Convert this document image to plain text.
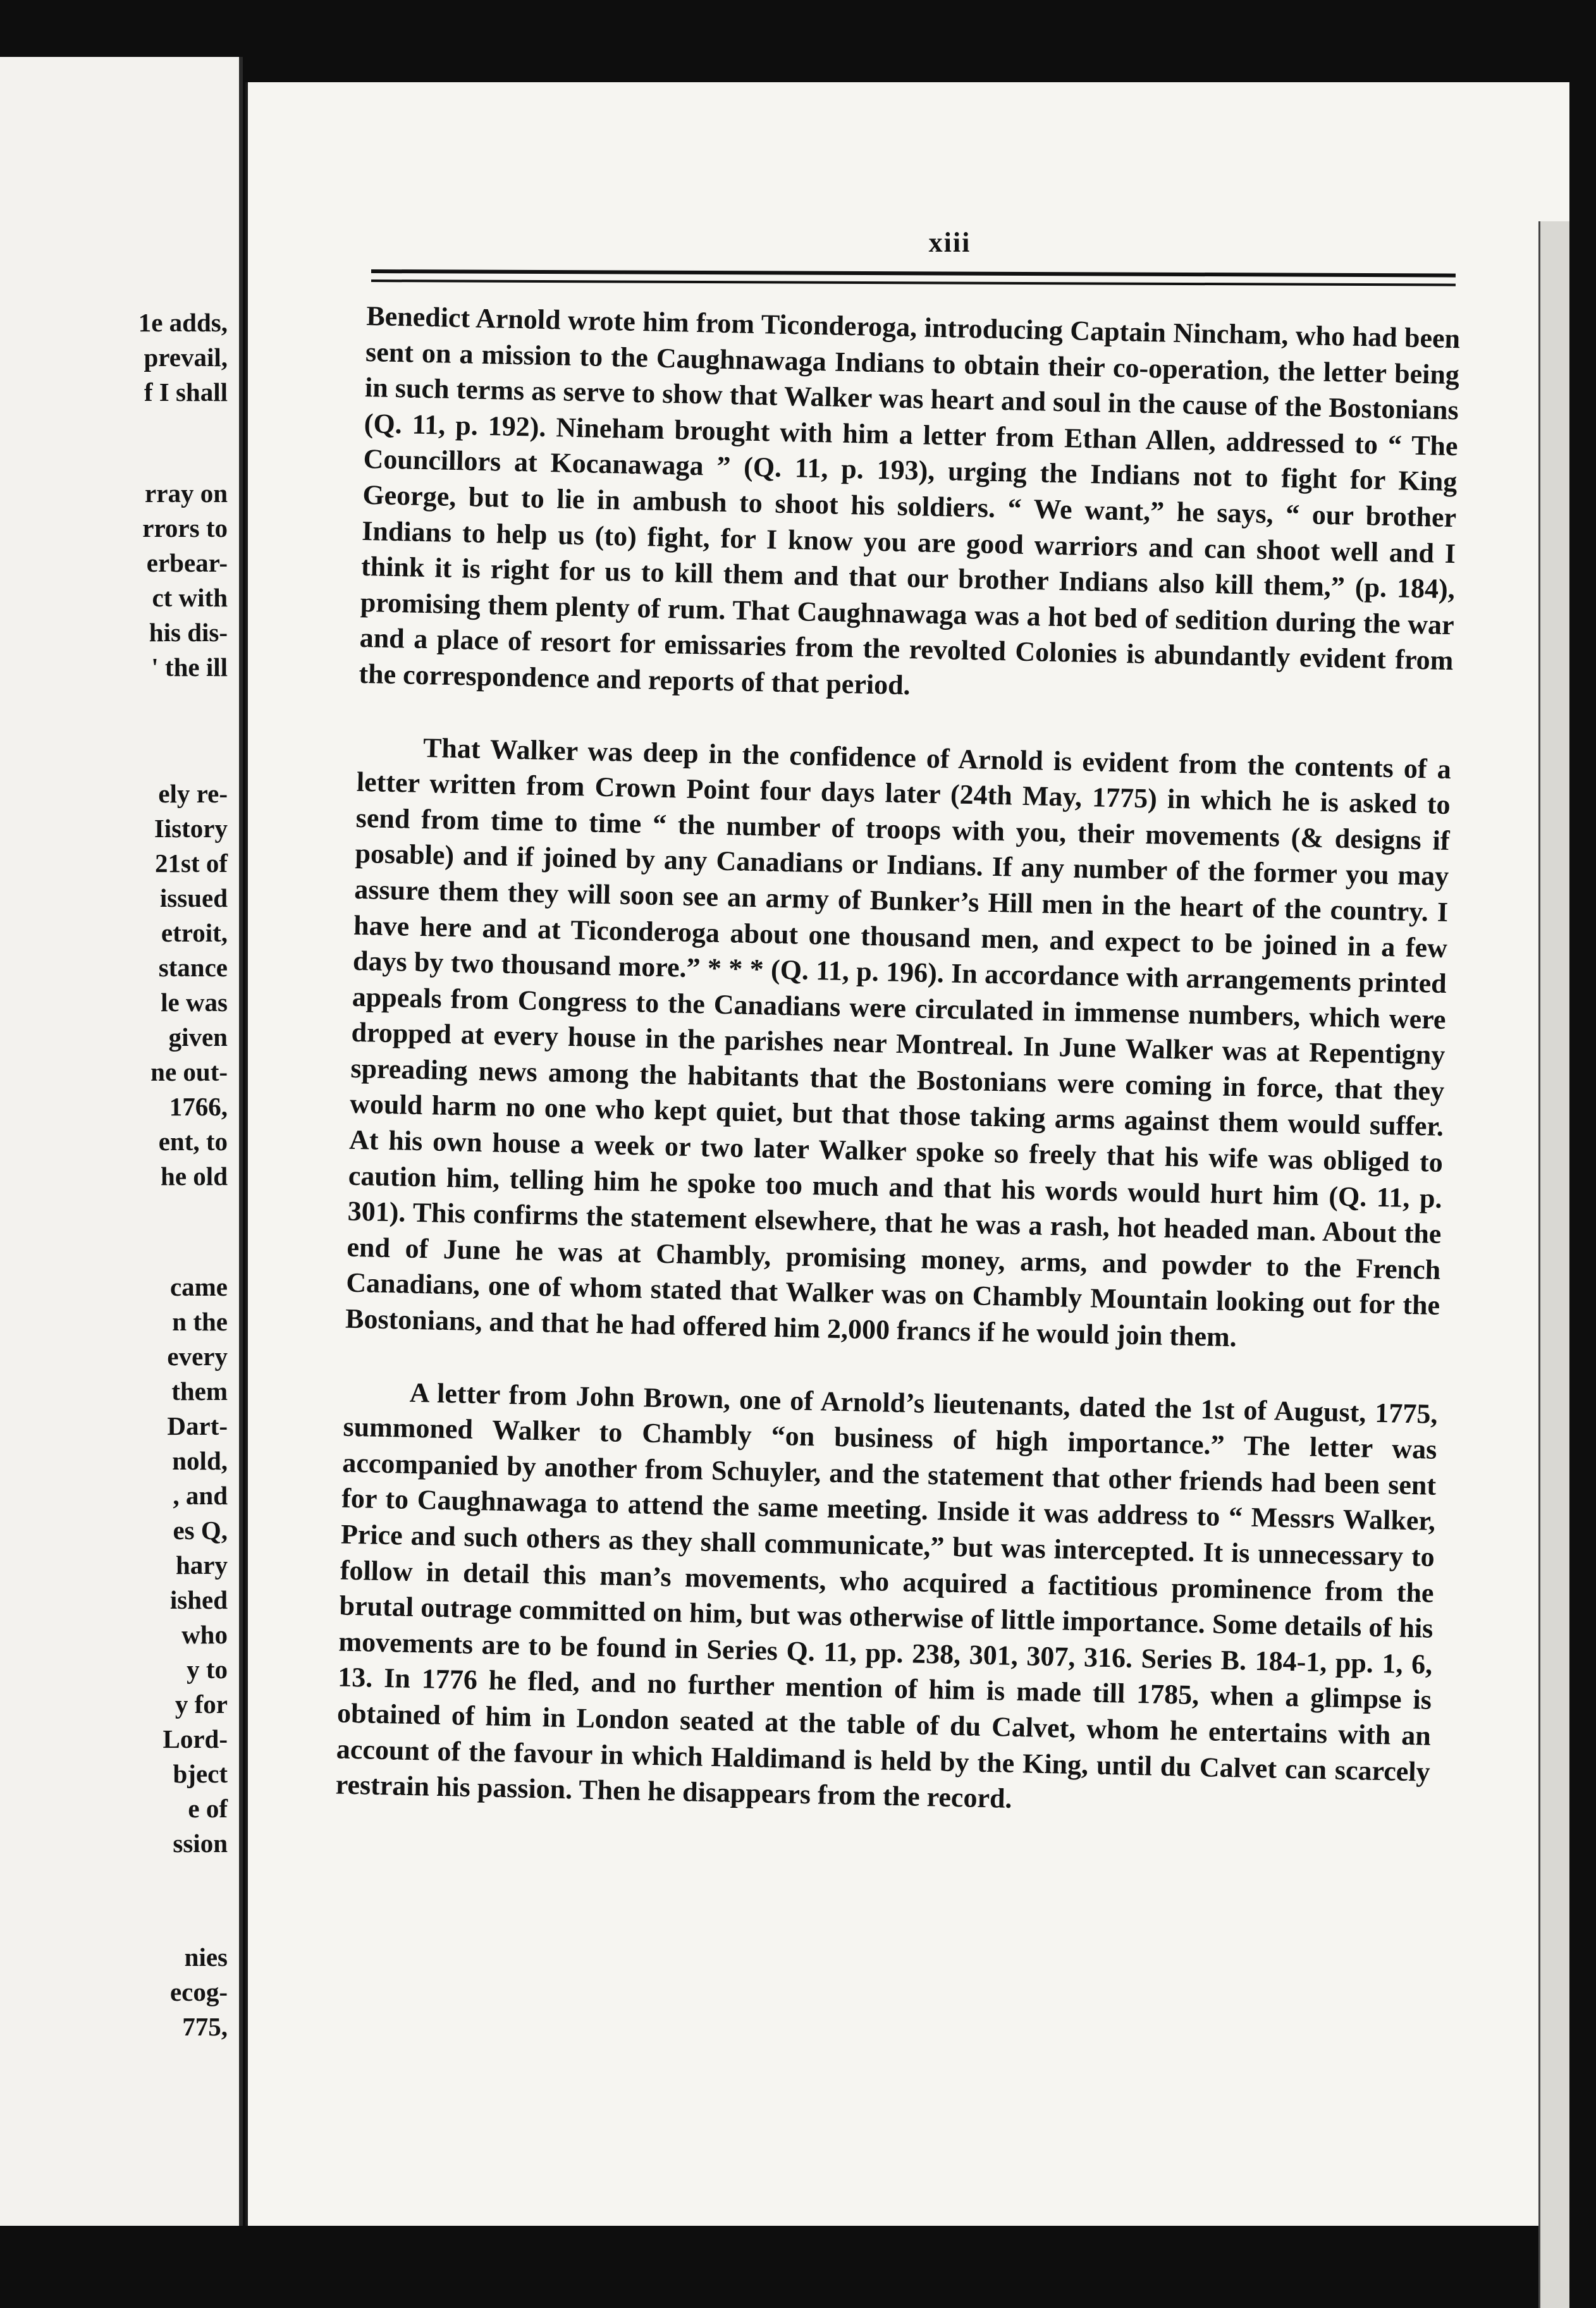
1e adds,
prevail,
f I shall
rray on
rrors to
erbear-
ct with
his dis-
' the ill
ely re-
Iistory
21st of
issued
etroit,
stance
le was
given
ne out-
1766,
ent, to
he old
came
n the
every
them
Dart-
nold,
, and
es Q,
hary
ished
who
y to
y for
Lord-
bject
e of
ssion
nies
ecog-
775,
xiii

Benedict Arnold wrote him from Ticonderoga, introducing Captain Nincham, who had been sent on a mission to the Caughnawaga Indians to obtain their co-operation, the letter being in such terms as serve to show that Walker was heart and soul in the cause of the Bostonians (Q. 11, p. 192). Nineham brought with him a letter from Ethan Allen, addressed to “ The Councillors at Kocanawaga ” (Q. 11, p. 193), urging the Indians not to fight for King George, but to lie in ambush to shoot his soldiers. “ We want,” he says, “ our brother Indians to help us (to) fight, for I know you are good warriors and can shoot well and I think it is right for us to kill them and that our brother Indians also kill them,” (p. 184), promising them plenty of rum. That Caughnawaga was a hot bed of sedition during the war and a place of resort for emissaries from the revolted Colonies is abundantly evident from the correspondence and reports of that period.

That Walker was deep in the confidence of Arnold is evident from the contents of a letter written from Crown Point four days later (24th May, 1775) in which he is asked to send from time to time “ the number of troops with you, their movements (& designs if posable) and if joined by any Canadians or Indians. If any number of the former you may assure them they will soon see an army of Bunker’s Hill men in the heart of the country. I have here and at Ticonderoga about one thousand men, and expect to be joined in a few days by two thousand more.” * * * (Q. 11, p. 196). In accordance with arrangements printed appeals from Congress to the Canadians were circulated in immense numbers, which were dropped at every house in the parishes near Montreal. In June Walker was at Repentigny spreading news among the habitants that the Bostonians were coming in force, that they would harm no one who kept quiet, but that those taking arms against them would suffer. At his own house a week or two later Walker spoke so freely that his wife was obliged to caution him, telling him he spoke too much and that his words would hurt him (Q. 11, p. 301). This confirms the statement elsewhere, that he was a rash, hot headed man. About the end of June he was at Chambly, promising money, arms, and powder to the French Canadians, one of whom stated that Walker was on Chambly Mountain looking out for the Bostonians, and that he had offered him 2,000 francs if he would join them.

A letter from John Brown, one of Arnold’s lieutenants, dated the 1st of August, 1775, summoned Walker to Chambly “on business of high importance.” The letter was accompanied by another from Schuyler, and the statement that other friends had been sent for to Caughnawaga to attend the same meeting. Inside it was address to “ Messrs Walker, Price and such others as they shall communicate,” but was intercepted. It is unnecessary to follow in detail this man’s movements, who acquired a factitious prominence from the brutal outrage committed on him, but was otherwise of little importance. Some details of his movements are to be found in Series Q. 11, pp. 238, 301, 307, 316. Series B. 184-1, pp. 1, 6, 13. In 1776 he fled, and no further mention of him is made till 1785, when a glimpse is obtained of him in London seated at the table of du Calvet, whom he entertains with an account of the favour in which Haldimand is held by the King, until du Calvet can scarcely restrain his passion. Then he disappears from the record.
